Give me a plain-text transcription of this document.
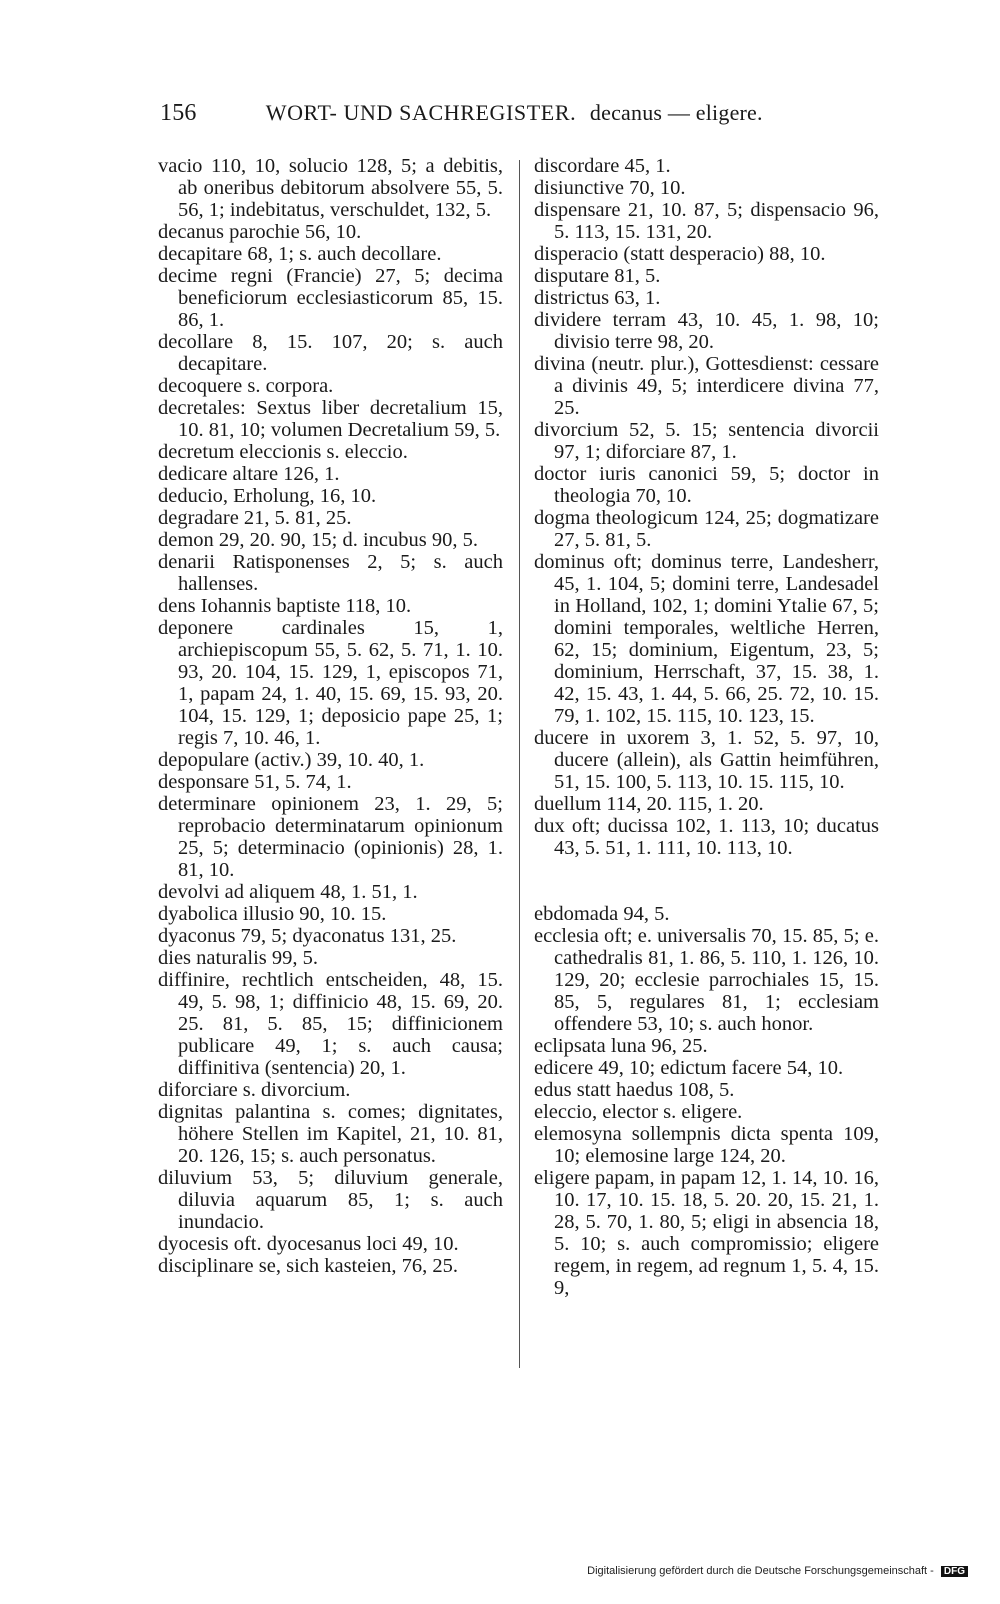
156	WORT- UND SACHREGISTER. decanus — eligere.

vacio 110, 10, solucio 128, 5; a debitis, ab oneribus debitorum absolvere 55, 5. 56, 1; indebitatus, verschuldet, 132, 5.

decanus parochie 56, 10.

decapitare 68, 1; s. auch decollare.

decime regni (Francie) 27, 5; decima beneficiorum ecclesiasticorum 85, 15. 86, 1.

decollare 8, 15. 107, 20; s. auch decapitare.

decoquere s. corpora.

decretales: Sextus liber decretalium 15, 10. 81, 10; volumen Decretalium 59, 5.

decretum eleccionis s. eleccio.

dedicare altare 126, 1.

deducio, Erholung, 16, 10.

degradare 21, 5. 81, 25.

demon 29, 20. 90, 15; d. incubus 90, 5.

denarii Ratisponenses 2, 5; s. auch hallenses.

dens Iohannis baptiste 118, 10.

deponere cardinales 15, 1, archiepiscopum 55, 5. 62, 5. 71, 1. 10. 93, 20. 104, 15. 129, 1, episcopos 71, 1, papam 24, 1. 40, 15. 69, 15. 93, 20. 104, 15. 129, 1; deposicio pape 25, 1; regis 7, 10. 46, 1.

depopulare (activ.) 39, 10. 40, 1.

desponsare 51, 5. 74, 1.

determinare opinionem 23, 1. 29, 5; reprobacio determinatarum opinionum 25, 5; determinacio (opinionis) 28, 1. 81, 10.

devolvi ad aliquem 48, 1. 51, 1.

dyabolica illusio 90, 10. 15.

dyaconus 79, 5; dyaconatus 131, 25.

dies naturalis 99, 5.

diffinire, rechtlich entscheiden, 48, 15. 49, 5. 98, 1; diffinicio 48, 15. 69, 20. 25. 81, 5. 85, 15; diffinicionem publicare 49, 1; s. auch causa; diffinitiva (sentencia) 20, 1.

diforciare s. divorcium.

dignitas palantina s. comes; dignitates, höhere Stellen im Kapitel, 21, 10. 81, 20. 126, 15; s. auch personatus.

diluvium 53, 5; diluvium generale, diluvia aquarum 85, 1; s. auch inundacio.

dyocesis oft. dyocesanus loci 49, 10.

disciplinare se, sich kasteien, 76, 25.

discordare 45, 1.

disiunctive 70, 10.

dispensare 21, 10. 87, 5; dispensacio 96, 5. 113, 15. 131, 20.

disperacio (statt desperacio) 88, 10.

disputare 81, 5.

districtus 63, 1.

dividere terram 43, 10. 45, 1. 98, 10; divisio terre 98, 20.

divina (neutr. plur.), Gottesdienst: cessare a divinis 49, 5; interdicere divina 77, 25.

divorcium 52, 5. 15; sentencia divorcii 97, 1; diforciare 87, 1.

doctor iuris canonici 59, 5; doctor in theologia 70, 10.

dogma theologicum 124, 25; dogmatizare 27, 5. 81, 5.

dominus oft; dominus terre, Landesherr, 45, 1. 104, 5; domini terre, Landesadel in Holland, 102, 1; domini Ytalie 67, 5; domini temporales, weltliche Herren, 62, 15; dominium, Eigentum, 23, 5; dominium, Herrschaft, 37, 15. 38, 1. 42, 15. 43, 1. 44, 5. 66, 25. 72, 10. 15. 79, 1. 102, 15. 115, 10. 123, 15.

ducere in uxorem 3, 1. 52, 5. 97, 10, ducere (allein), als Gattin heimführen, 51, 15. 100, 5. 113, 10. 15. 115, 10.

duellum 114, 20. 115, 1. 20.

dux oft; ducissa 102, 1. 113, 10; ducatus 43, 5. 51, 1. 111, 10. 113, 10.

ebdomada 94, 5.

ecclesia oft; e. universalis 70, 15. 85, 5; e. cathedralis 81, 1. 86, 5. 110, 1. 126, 10. 129, 20; ecclesie parrochiales 15, 15. 85, 5, regulares 81, 1; ecclesiam offendere 53, 10; s. auch honor.

eclipsata luna 96, 25.

edicere 49, 10; edictum facere 54, 10.

edus statt haedus 108, 5.

eleccio, elector s. eligere.

elemosyna sollempnis dicta spenta 109, 10; elemosine large 124, 20.

eligere papam, in papam 12, 1. 14, 10. 16, 10. 17, 10. 15. 18, 5. 20. 20, 15. 21, 1. 28, 5. 70, 1. 80, 5; eligi in absencia 18, 5. 10; s. auch compromissio; eligere regem, in regem, ad regnum 1, 5. 4, 15. 9,

Digitalisierung gefördert durch die Deutsche Forschungsgemeinschaft - DFG
